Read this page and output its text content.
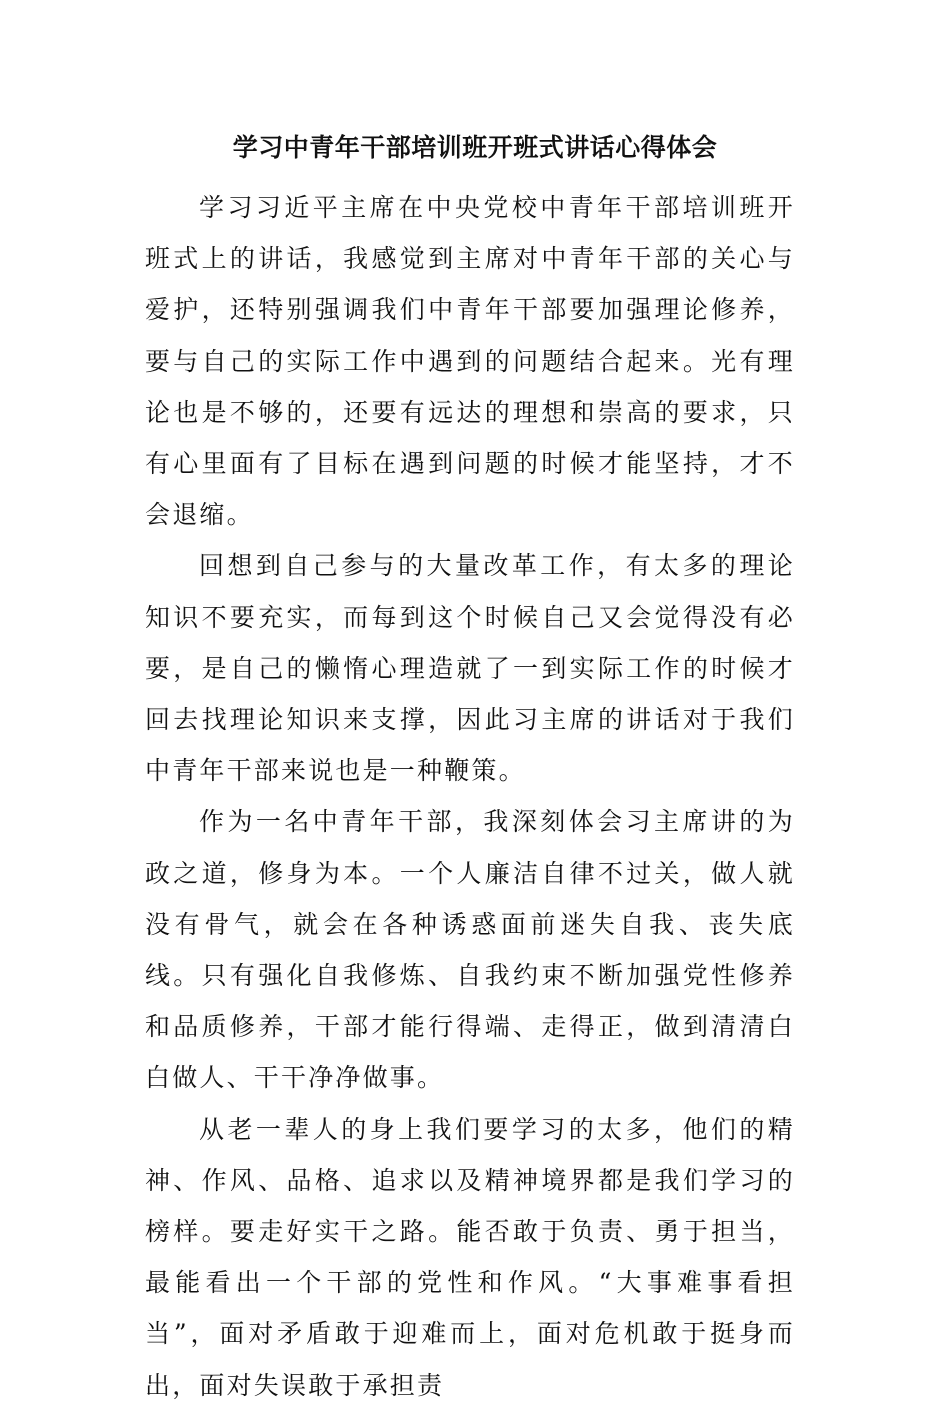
学习中青年干部培训班开班式讲话心得体会

学习习近平主席在中央党校中青年干部培训班开班式上的讲话，我感觉到主席对中青年干部的关心与爱护，还特别强调我们中青年干部要加强理论修养，要与自己的实际工作中遇到的问题结合起来。光有理论也是不够的，还要有远达的理想和崇高的要求，只有心里面有了目标在遇到问题的时候才能坚持，才不会退缩。

回想到自己参与的大量改革工作，有太多的理论知识不要充实，而每到这个时候自己又会觉得没有必要，是自己的懒惰心理造就了一到实际工作的时候才回去找理论知识来支撑，因此习主席的讲话对于我们中青年干部来说也是一种鞭策。

作为一名中青年干部，我深刻体会习主席讲的为政之道，修身为本。一个人廉洁自律不过关，做人就没有骨气，就会在各种诱惑面前迷失自我、丧失底线。只有强化自我修炼、自我约束不断加强党性修养和品质修养，干部才能行得端、走得正，做到清清白白做人、干干净净做事。

从老一辈人的身上我们要学习的太多，他们的精神、作风、品格、追求以及精神境界都是我们学习的榜样。要走好实干之路。能否敢于负责、勇于担当，最能看出一个干部的党性和作风。“大事难事看担当”，面对矛盾敢于迎难而上，面对危机敢于挺身而出，面对失误敢于承担责
